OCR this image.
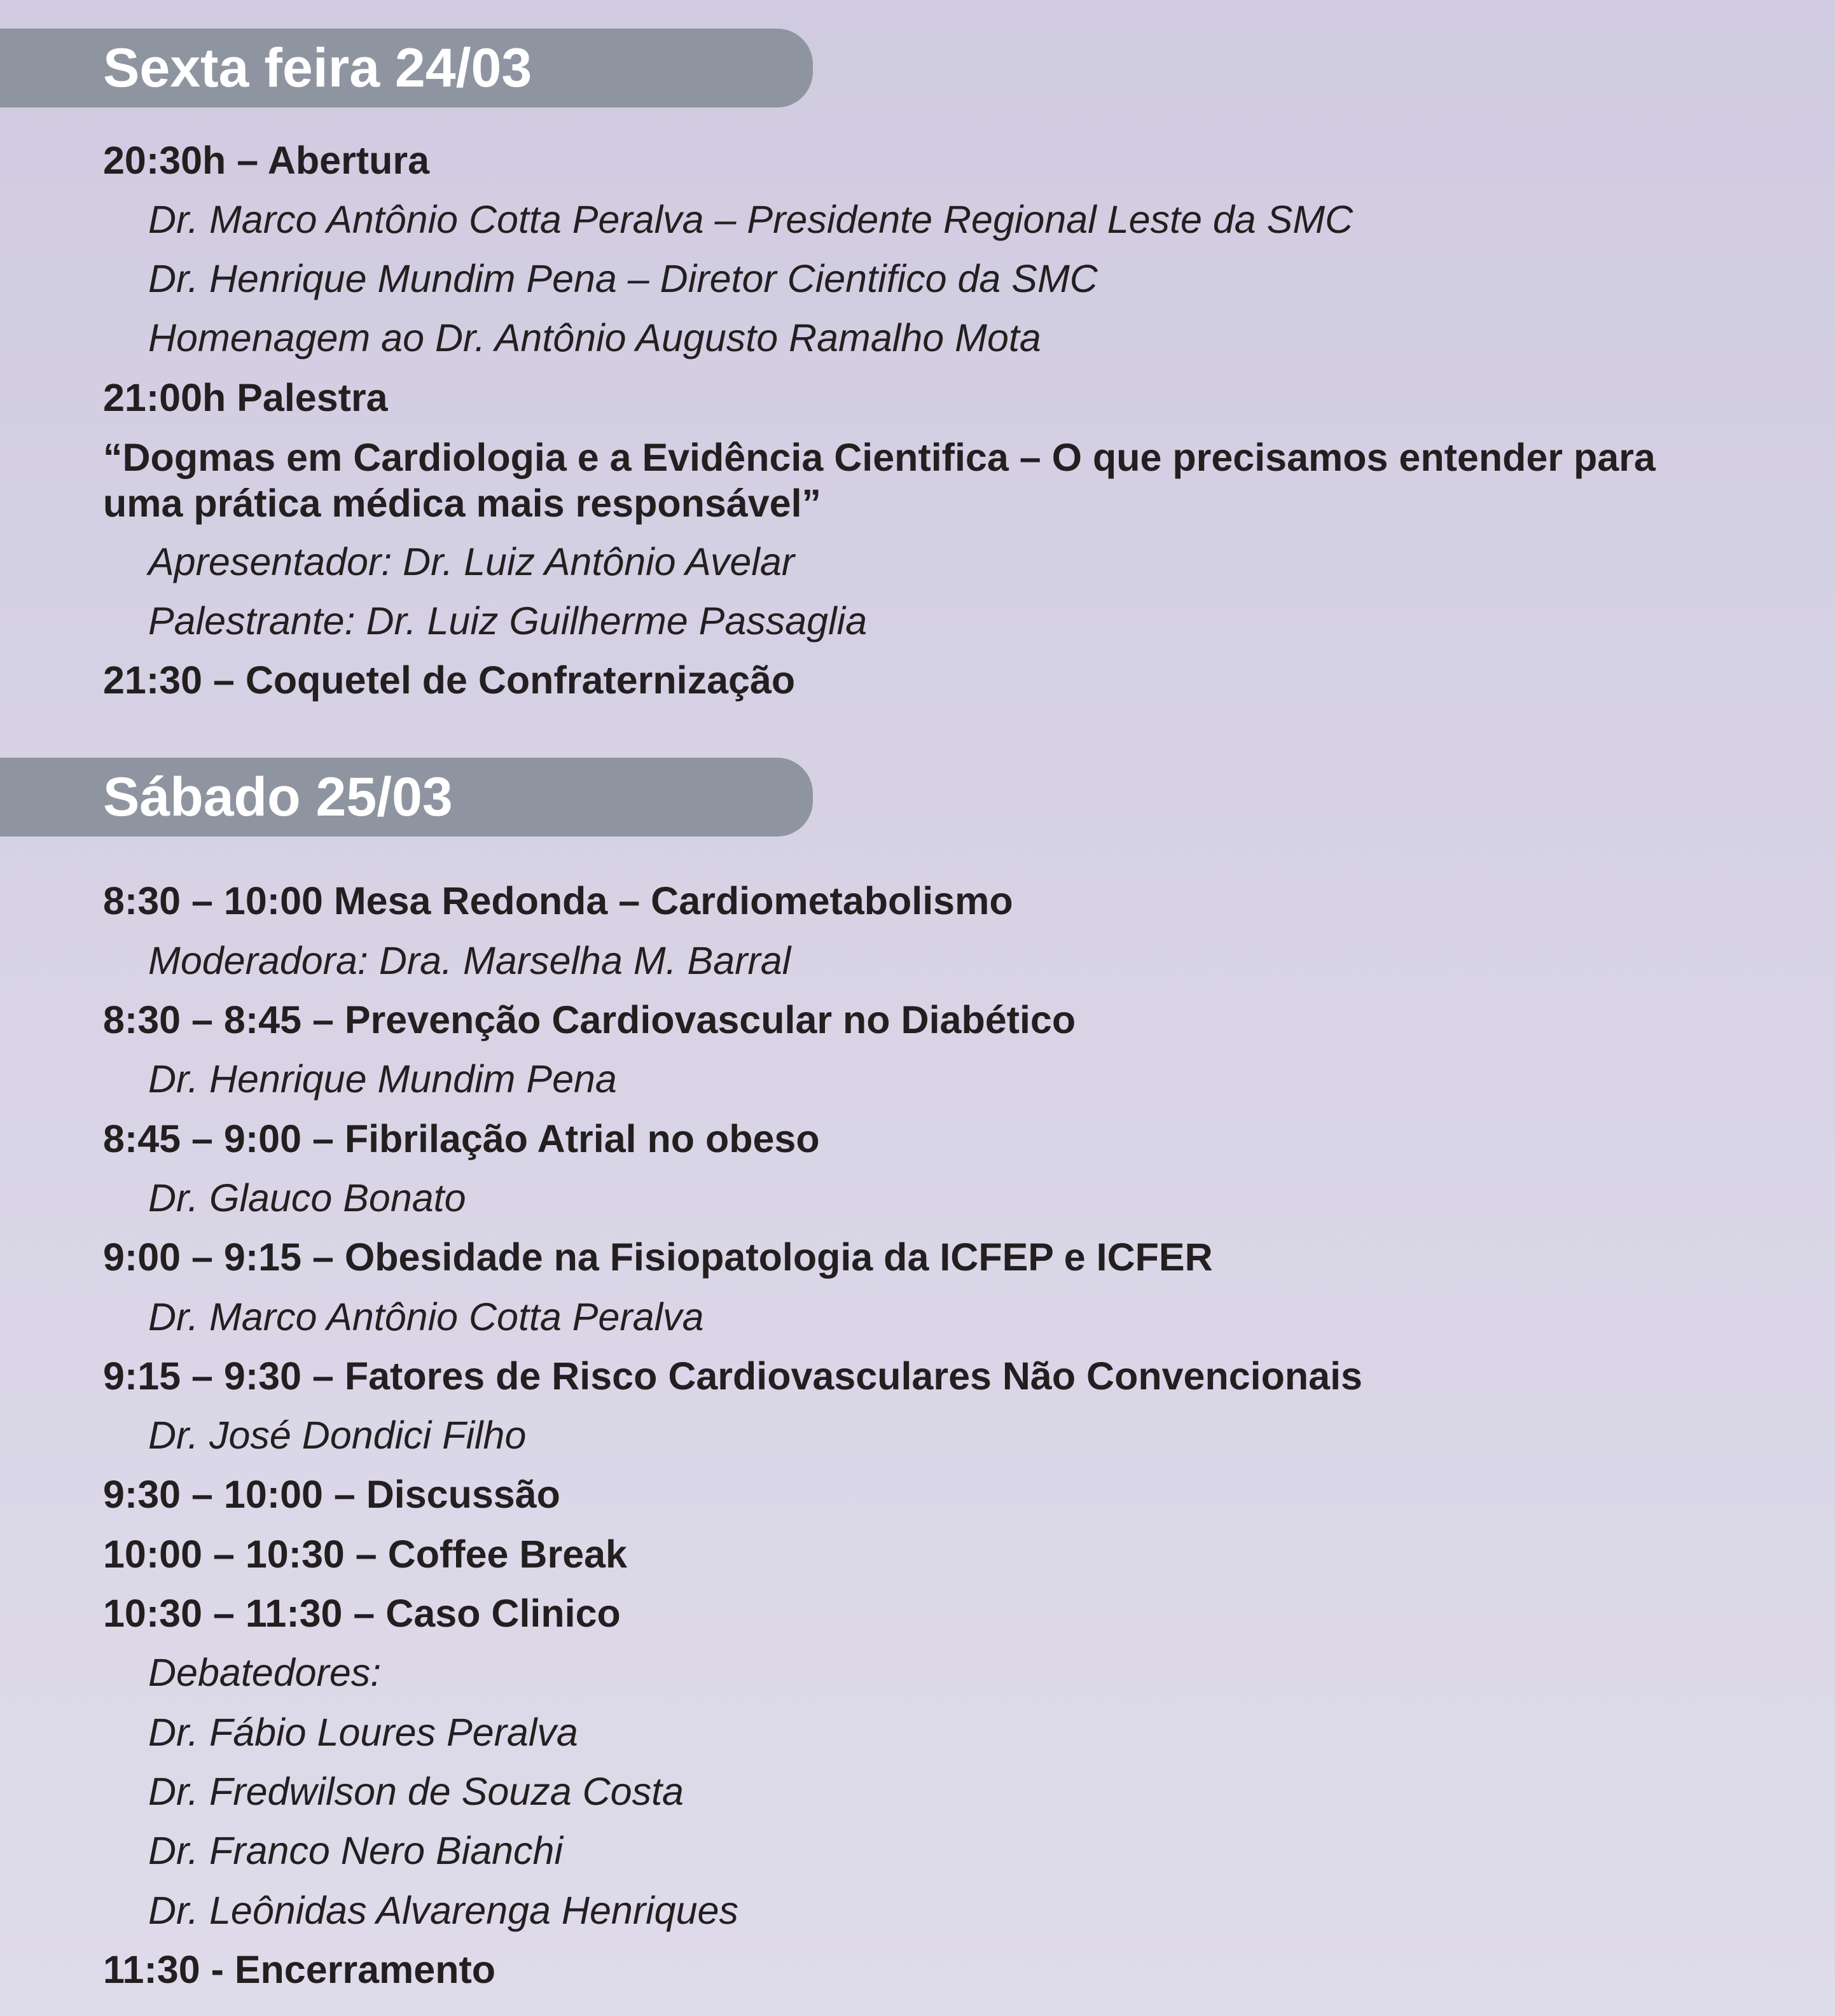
Sexta feira 24/03
20:30h – Abertura
Dr. Marco Antônio Cotta Peralva – Presidente Regional Leste da SMC
Dr. Henrique Mundim Pena – Diretor Cientifico da SMC
Homenagem ao Dr. Antônio Augusto Ramalho Mota
21:00h Palestra
“Dogmas em Cardiologia e a Evidência Cientifica – O que precisamos entender para uma prática médica mais responsável”
Apresentador: Dr. Luiz Antônio Avelar
Palestrante: Dr. Luiz Guilherme Passaglia
21:30 – Coquetel de Confraternização
Sábado 25/03
8:30 – 10:00 Mesa Redonda – Cardiometabolismo
Moderadora: Dra. Marselha M. Barral
8:30 – 8:45 – Prevenção Cardiovascular no Diabético
Dr. Henrique Mundim Pena
8:45 – 9:00 – Fibrilação Atrial no obeso
Dr. Glauco Bonato
9:00 – 9:15 – Obesidade na Fisiopatologia da ICFEP e ICFER
Dr. Marco Antônio Cotta Peralva
9:15 – 9:30 – Fatores de Risco Cardiovasculares Não Convencionais
Dr. José Dondici Filho
9:30 – 10:00 – Discussão
10:00 – 10:30 – Coffee Break
10:30 – 11:30 – Caso Clinico
Debatedores:
Dr. Fábio Loures Peralva
Dr. Fredwilson de Souza Costa
Dr. Franco Nero Bianchi
Dr. Leônidas Alvarenga Henriques
11:30 - Encerramento
